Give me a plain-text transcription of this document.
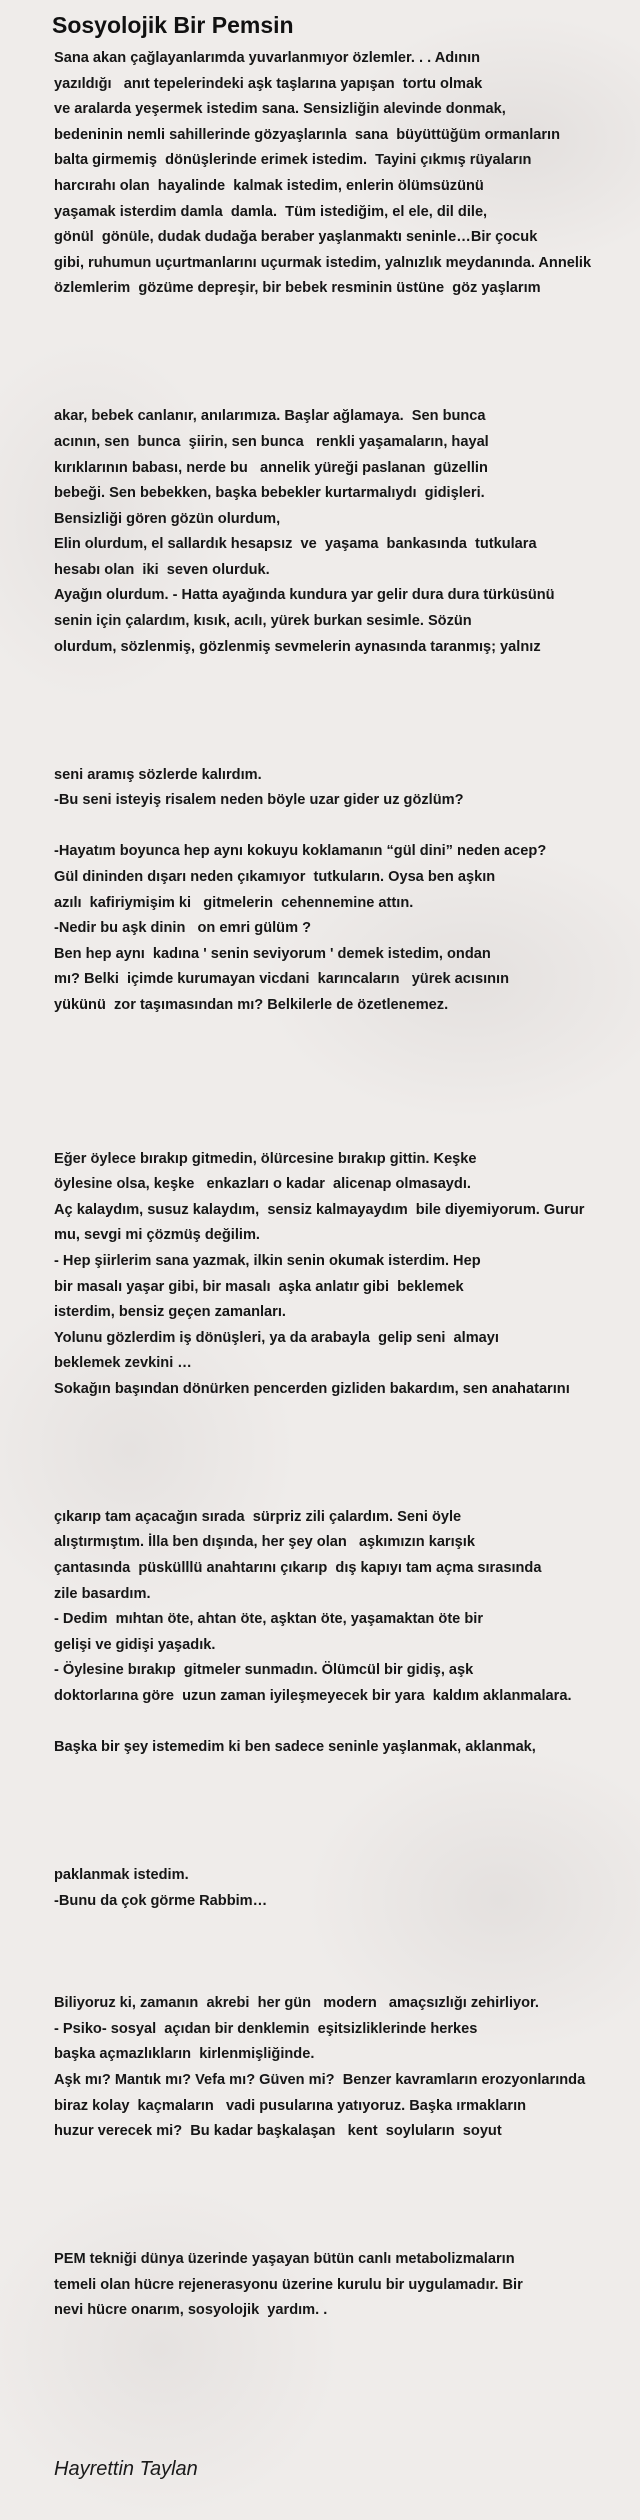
Sosyolojik Bir Pemsin
Sana akan çağlayanlarımda yuvarlanmıyor özlemler. . . Adının
yazıldığı   anıt tepelerindeki aşk taşlarına yapışan  tortu olmak
ve aralarda yeşermek istedim sana. Sensizliğin alevinde donmak,
bedeninin nemli sahillerinde gözyaşlarınla  sana  büyüttüğüm ormanların
balta girmemiş  dönüşlerinde erimek istedim.  Tayini çıkmış rüyaların
harcırahı olan  hayalinde  kalmak istedim, enlerin ölümsüzünü
yaşamak isterdim damla  damla.  Tüm istediğim, el ele, dil dile,
gönül  gönüle, dudak dudağa beraber yaşlanmaktı seninle…Bir çocuk
gibi, ruhumun uçurtmanlarını uçurmak istedim, yalnızlık meydanında. Annelik
özlemlerim  gözüme depreşir, bir bebek resminin üstüne  göz yaşlarım
akar, bebek canlanır, anılarımıza. Başlar ağlamaya.  Sen bunca
acının, sen  bunca  şiirin, sen bunca   renkli yaşamaların, hayal
kırıklarının babası, nerde bu   annelik yüreği paslanan  güzellin
bebeği. Sen bebekken, başka bebekler kurtarmalıydı  gidişleri.
Bensizliği gören gözün olurdum,
Elin olurdum, el sallardık hesapsız  ve  yaşama  bankasında  tutkulara
hesabı olan  iki  seven olurduk.
Ayağın olurdum. - Hatta ayağında kundura yar gelir dura dura türküsünü
senin için çalardım, kısık, acılı, yürek burkan sesimle. Sözün
olurdum, sözlenmiş, gözlenmiş sevmelerin aynasında taranmış; yalnız
seni aramış sözlerde kalırdım.
-Bu seni isteyiş risalem neden böyle uzar gider uz gözlüm?
-Hayatım boyunca hep aynı kokuyu koklamanın “gül dini” neden acep?
Gül dininden dışarı neden çıkamıyor  tutkuların. Oysa ben aşkın
azılı  kafiriymişim ki   gitmelerin  cehennemine attın.
-Nedir bu aşk dinin   on emri gülüm ?
Ben hep aynı  kadına ' senin seviyorum ' demek istedim, ondan
mı? Belki  içimde kurumayan vicdani  karıncaların   yürek acısının
yükünü  zor taşımasından mı? Belkilerle de özetlenemez.
Eğer öylece bırakıp gitmedin, ölürcesine bırakıp gittin. Keşke
öylesine olsa, keşke   enkazları o kadar  alicenap olmasaydı.
Aç kalaydım, susuz kalaydım,  sensiz kalmayaydım  bile diyemiyorum. Gurur
mu, sevgi mi çözmüş değilim.
- Hep şiirlerim sana yazmak, ilkin senin okumak isterdim. Hep
bir masalı yaşar gibi, bir masalı  aşka anlatır gibi  beklemek
isterdim, bensiz geçen zamanları.
Yolunu gözlerdim iş dönüşleri, ya da arabayla  gelip seni  almayı
beklemek zevkini …
Sokağın başından dönürken pencerden gizliden bakardım, sen anahatarını
çıkarıp tam açacağın sırada  sürpriz zili çalardım. Seni öyle
alıştırmıştım. İlla ben dışında, her şey olan   aşkımızın karışık
çantasında  püskülllü anahtarını çıkarıp  dış kapıyı tam açma sırasında
zile basardım.
- Dedim  mıhtan öte, ahtan öte, aşktan öte, yaşamaktan öte bir
gelişi ve gidişi yaşadık.
- Öylesine bırakıp  gitmeler sunmadın. Ölümcül bir gidiş, aşk
doktorlarına göre  uzun zaman iyileşmeyecek bir yara  kaldım aklanmalara.
Başka bir şey istemedim ki ben sadece seninle yaşlanmak, aklanmak,
paklanmak istedim.
-Bunu da çok görme Rabbim…
Biliyoruz ki, zamanın  akrebi  her gün   modern   amaçsızlığı zehirliyor.
- Psiko- sosyal  açıdan bir denklemin  eşitsizliklerinde herkes
başka açmazlıkların  kirlenmişliğinde.
Aşk mı? Mantık mı? Vefa mı? Güven mi?  Benzer kavramların erozyonlarında
biraz kolay  kaçmaların   vadi pusularına yatıyoruz. Başka ırmakların
huzur verecek mi?  Bu kadar başkalaşan   kent  soyluların  soyut
PEM tekniği dünya üzerinde yaşayan bütün canlı metabolizmaların
temeli olan hücre rejenerasyonu üzerine kurulu bir uygulamadır. Bir
nevi hücre onarım, sosyolojik  yardım. .

Hayrettin Taylan
